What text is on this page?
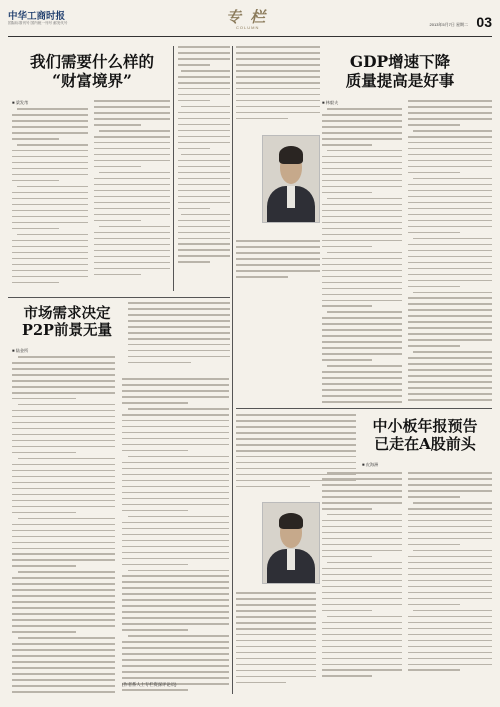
中华工商时报
国际标准刊号 国内统一刊号 邮发代号	专 栏
COLUMN
2013年5月7日 星期二 03
我们需要什么样的
“财富境界”
■ 梁发芾
GDP增速下降
质量提高是好事
■ 林毅夫
市场需求决定
P2P前景无量
■ 陆金所
(作者系人士专栏资深评论员)
中小板年报预告
已走在A股前头
■ 皮海洲
